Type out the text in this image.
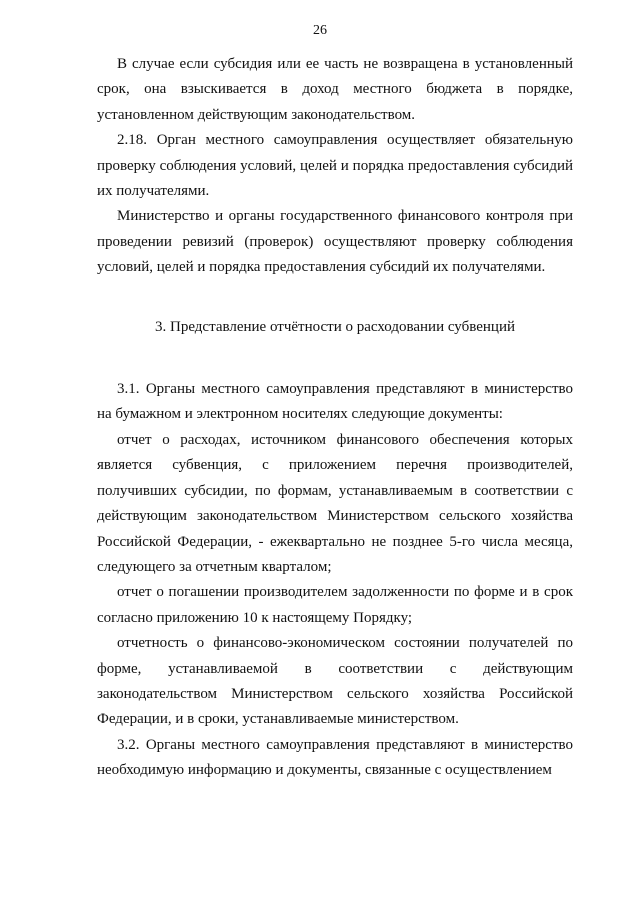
26

В случае если субсидия или ее часть не возвращена в установленный срок, она взыскивается в доход местного бюджета в порядке, установленном действующим законодательством.

2.18. Орган местного самоуправления осуществляет обязательную проверку соблюдения условий, целей и порядка предоставления субсидий их получателями.

Министерство и органы государственного финансового контроля при проведении ревизий (проверок) осуществляют проверку соблюдения условий, целей и порядка предоставления субсидий их получателями.

3. Представление отчётности о расходовании субвенций

3.1. Органы местного самоуправления представляют в министерство на бумажном и электронном носителях следующие документы:

отчет о расходах, источником финансового обеспечения которых является субвенция, с приложением перечня производителей, получивших субсидии, по формам, устанавливаемым в соответствии с действующим законодательством Министерством сельского хозяйства Российской Федерации, - ежеквартально не позднее 5-го числа месяца, следующего за отчетным кварталом;

отчет о погашении производителем задолженности по форме и в срок согласно приложению 10 к настоящему Порядку;

отчетность о финансово-экономическом состоянии получателей по форме, устанавливаемой в соответствии с действующим законодательством Министерством сельского хозяйства Российской Федерации, и в сроки, устанавливаемые министерством.

3.2. Органы местного самоуправления представляют в министерство необходимую информацию и документы, связанные с осуществлением
